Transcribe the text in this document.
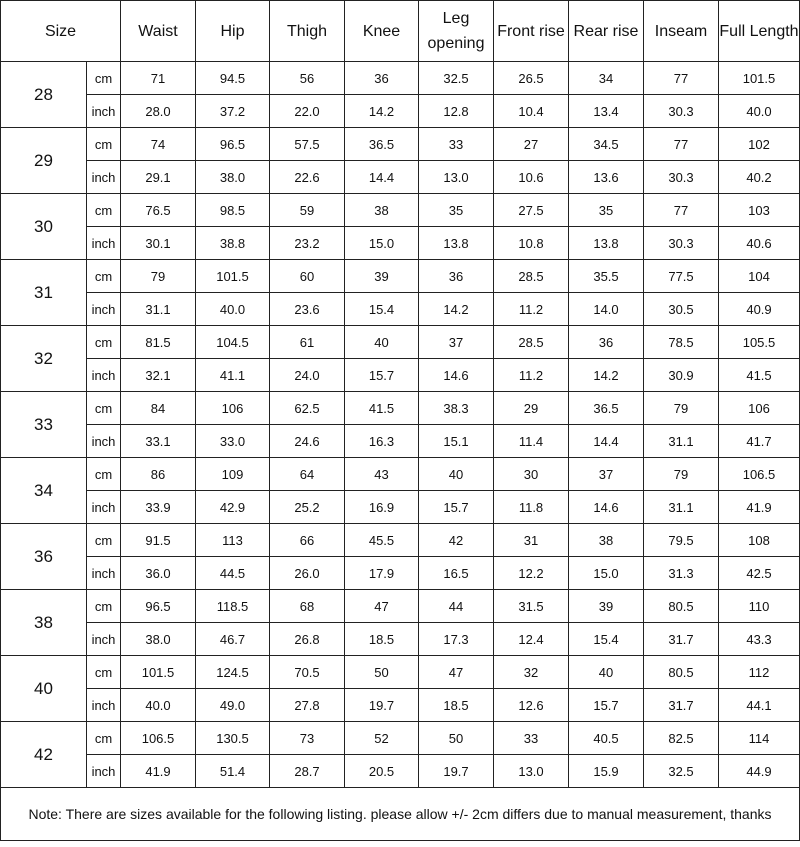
Size		Waist	Hip	Thigh	Knee	Leg opening	Front rise	Rear rise	Inseam	Full Length
28	cm	71	94.5	56	36	32.5	26.5	34	77	101.5
	inch	28.0	37.2	22.0	14.2	12.8	10.4	13.4	30.3	40.0
29	cm	74	96.5	57.5	36.5	33	27	34.5	77	102
	inch	29.1	38.0	22.6	14.4	13.0	10.6	13.6	30.3	40.2
30	cm	76.5	98.5	59	38	35	27.5	35	77	103
	inch	30.1	38.8	23.2	15.0	13.8	10.8	13.8	30.3	40.6
31	cm	79	101.5	60	39	36	28.5	35.5	77.5	104
	inch	31.1	40.0	23.6	15.4	14.2	11.2	14.0	30.5	40.9
32	cm	81.5	104.5	61	40	37	28.5	36	78.5	105.5
	inch	32.1	41.1	24.0	15.7	14.6	11.2	14.2	30.9	41.5
33	cm	84	106	62.5	41.5	38.3	29	36.5	79	106
	inch	33.1	33.0	24.6	16.3	15.1	11.4	14.4	31.1	41.7
34	cm	86	109	64	43	40	30	37	79	106.5
	inch	33.9	42.9	25.2	16.9	15.7	11.8	14.6	31.1	41.9
36	cm	91.5	113	66	45.5	42	31	38	79.5	108
	inch	36.0	44.5	26.0	17.9	16.5	12.2	15.0	31.3	42.5
38	cm	96.5	118.5	68	47	44	31.5	39	80.5	110
	inch	38.0	46.7	26.8	18.5	17.3	12.4	15.4	31.7	43.3
40	cm	101.5	124.5	70.5	50	47	32	40	80.5	112
	inch	40.0	49.0	27.8	19.7	18.5	12.6	15.7	31.7	44.1
42	cm	106.5	130.5	73	52	50	33	40.5	82.5	114
	inch	41.9	51.4	28.7	20.5	19.7	13.0	15.9	32.5	44.9
Note: There are sizes available for the following listing. please allow +/- 2cm differs due to manual measurement, thanks										
